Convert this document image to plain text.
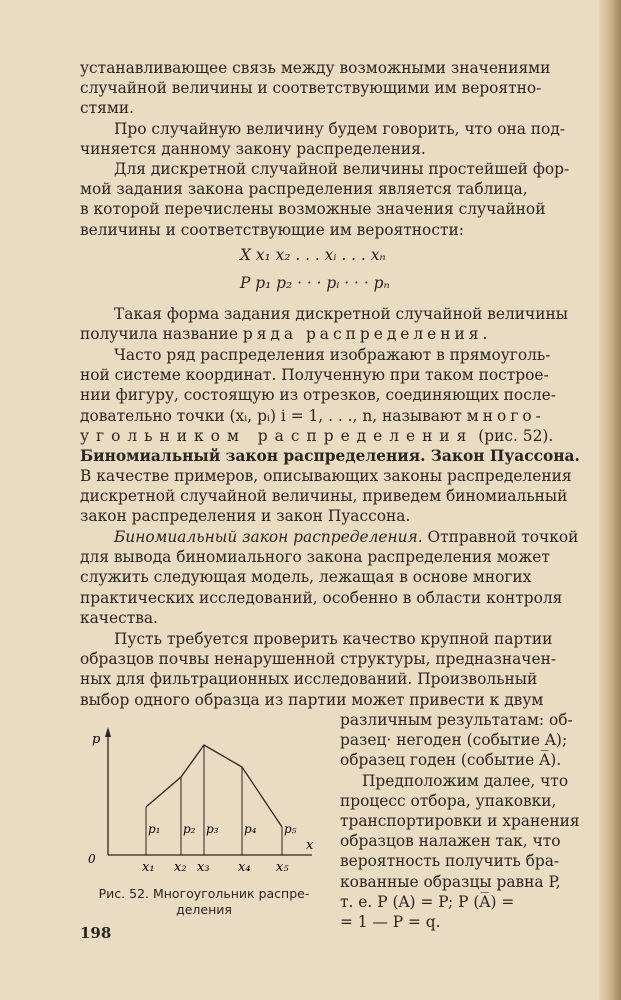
устанавливающее связь между возможными значениями
случайной величины и соответствующими им вероятно-
стями.
Про случайную величину будем говорить, что она под-
чиняется данному закону распределения.
Для дискретной случайной величины простейшей фор-
мой задания закона распределения является таблица,
в которой перечислены возможные значения случайной
величины и соответствующие им вероятности:
X x₁ x₂ . . . xᵢ . . . xₙ
P p₁ p₂ · · · pᵢ · · · pₙ
Такая форма задания дискретной случайной величины
получила название ряда распределения.
Часто ряд распределения изображают в прямоуголь-
ной системе координат. Полученную при таком построе-
нии фигуру, состоящую из отрезков, соединяющих после-
довательно точки (xᵢ, pᵢ) i = 1, . . ., n, называют много-
угольником распределения (рис. 52).
Биномиальный закон распределения. Закон Пуассона.
В качестве примеров, описывающих законы распределения
дискретной случайной величины, приведем биномиальный
закон распределения и закон Пуассона.
Биномиальный закон распределения. Отправной точкой
для вывода биномиального закона распределения может
служить следующая модель, лежащая в основе многих
практических исследований, особенно в области контроля
качества.
Пусть требуется проверить качество крупной партии
образцов почвы ненарушенной структуры, предназначен-
ных для фильтрационных исследований. Произвольный
выбор одного образца из партии может привести к двум
различным результатам: об-
разец· негоден (событие A);
образец годен (событие A̅).
Предположим далее, что
процесс отбора, упаковки,
транспортировки и хранения
образцов налажен так, что
вероятность получить бра-
кованные образцы равна P,
т. е. P (A) = P; P (A̅) =
= 1 — P = q.
p
x
0
p₁ p₂ p₃ p₄ p₅
x₁ x₂ x₃ x₄ x₅
Рис. 52. Многоугольник распре-деления
198
